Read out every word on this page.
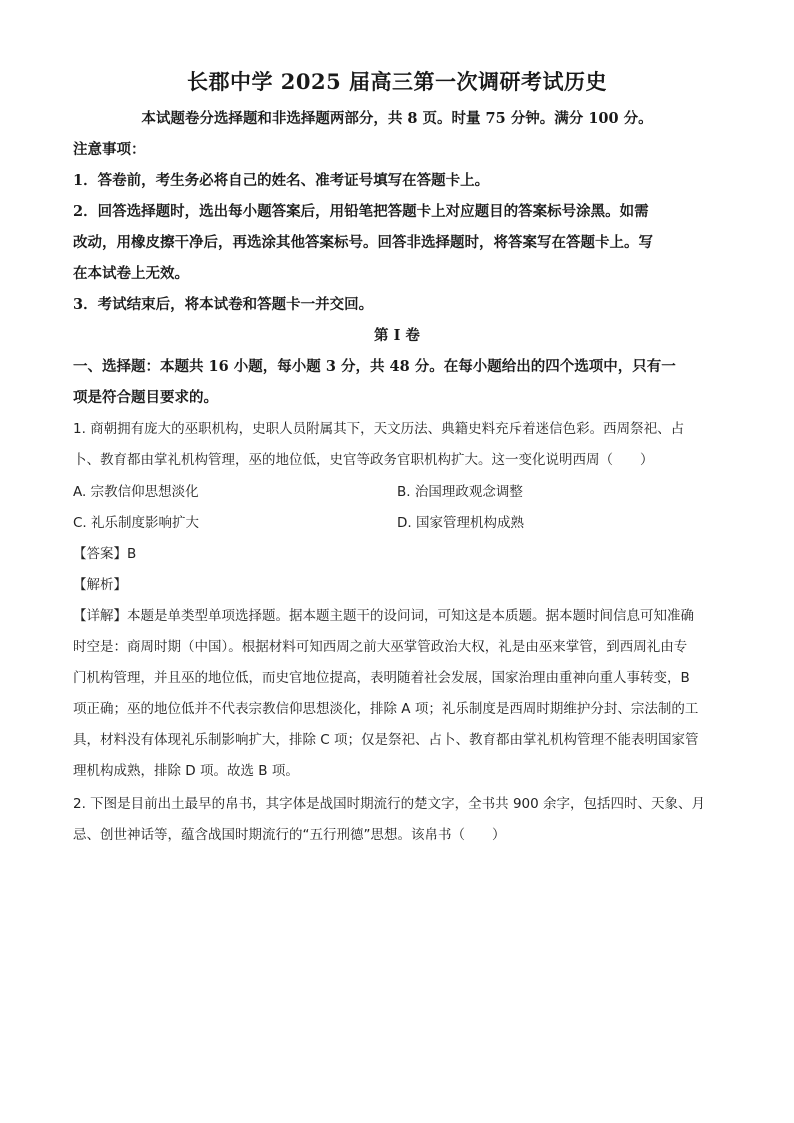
长郡中学 2025 届高三第一次调研考试历史
本试题卷分选择题和非选择题两部分，共 8 页。时量 75 分钟。满分 100 分。
注意事项：
1．答卷前，考生务必将自己的姓名、准考证号填写在答题卡上。
2．回答选择题时，选出每小题答案后，用铅笔把答题卡上对应题目的答案标号涂黑。如需
改动，用橡皮擦干净后，再选涂其他答案标号。回答非选择题时，将答案写在答题卡上。写
在本试卷上无效。
3．考试结束后，将本试卷和答题卡一并交回。
第 I 卷
一、选择题：本题共 16 小题，每小题 3 分，共 48 分。在每小题给出的四个选项中，只有一
项是符合题目要求的。
1. 商朝拥有庞大的巫职机构，史职人员附属其下，天文历法、典籍史料充斥着迷信色彩。西周祭祀、占
卜、教育都由掌礼机构管理，巫的地位低，史官等政务官职机构扩大。这一变化说明西周（　　）
A. 宗教信仰思想淡化	B. 治国理政观念调整
C. 礼乐制度影响扩大	D. 国家管理机构成熟
【答案】B
【解析】
【详解】本题是单类型单项选择题。据本题主题干的设问词，可知这是本质题。据本题时间信息可知准确
时空是：商周时期（中国）。根据材料可知西周之前大巫掌管政治大权，礼是由巫来掌管，到西周礼由专
门机构管理，并且巫的地位低，而史官地位提高，表明随着社会发展，国家治理由重神向重人事转变，B
项正确；巫的地位低并不代表宗教信仰思想淡化，排除 A 项；礼乐制度是西周时期维护分封、宗法制的工
具，材料没有体现礼乐制影响扩大，排除 C 项；仅是祭祀、占卜、教育都由掌礼机构管理不能表明国家管
理机构成熟，排除 D 项。故选 B 项。
2. 下图是目前出土最早的帛书，其字体是战国时期流行的楚文字，全书共 900 余字，包括四时、天象、月
忌、创世神话等，蕴含战国时期流行的“五行刑德”思想。该帛书（　　）
